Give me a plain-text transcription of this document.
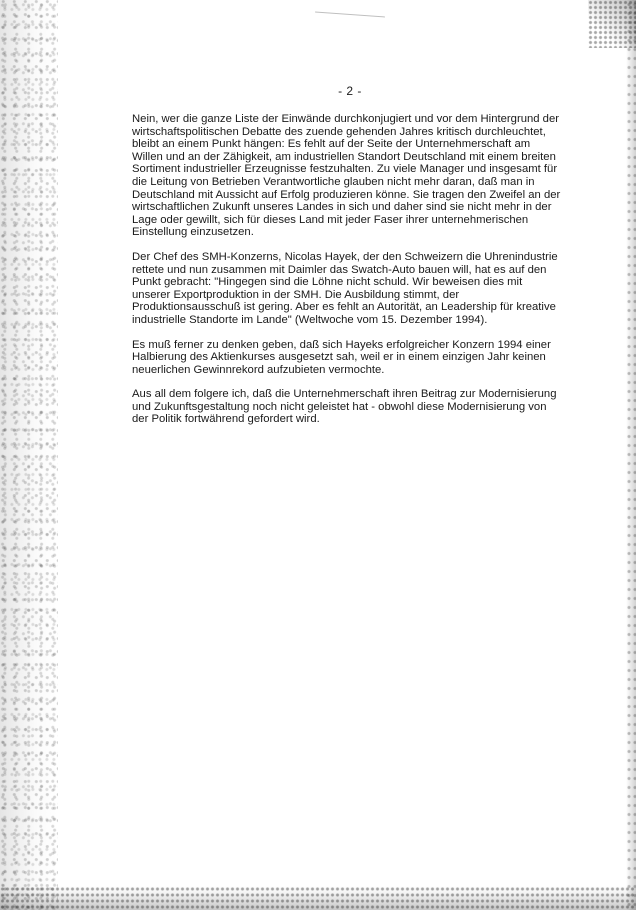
- 2 -

Nein, wer die ganze Liste der Einwände durchkonjugiert und vor dem Hintergrund der
wirtschaftspolitischen Debatte des zuende gehenden Jahres kritisch durchleuchtet,
bleibt an einem Punkt hängen: Es fehlt auf der Seite der Unternehmerschaft am
Willen und an der Zähigkeit, am industriellen Standort Deutschland mit einem breiten
Sortiment industrieller Erzeugnisse festzuhalten. Zu viele Manager und insgesamt für
die Leitung von Betrieben Verantwortliche glauben nicht mehr daran, daß man in
Deutschland mit Aussicht auf Erfolg produzieren könne. Sie tragen den Zweifel an der
wirtschaftlichen Zukunft unseres Landes in sich und daher sind sie nicht mehr in der
Lage oder gewillt, sich für dieses Land mit jeder Faser ihrer unternehmerischen
Einstellung einzusetzen.

Der Chef des SMH-Konzerns, Nicolas Hayek, der den Schweizern die Uhrenindustrie
rettete und nun zusammen mit Daimler das Swatch-Auto bauen will, hat es auf den
Punkt gebracht: "Hingegen sind die Löhne nicht schuld. Wir beweisen dies mit
unserer Exportproduktion in der SMH. Die Ausbildung stimmt, der
Produktionsausschuß ist gering. Aber es fehlt an Autorität, an Leadership für kreative
industrielle Standorte im Lande" (Weltwoche vom 15. Dezember 1994).

Es muß ferner zu denken geben, daß sich Hayeks erfolgreicher Konzern 1994 einer
Halbierung des Aktienkurses ausgesetzt sah, weil er in einem einzigen Jahr keinen
neuerlichen Gewinnrekord aufzubieten vermochte.

Aus all dem folgere ich, daß die Unternehmerschaft ihren Beitrag zur Modernisierung
und Zukunftsgestaltung noch nicht geleistet hat - obwohl diese Modernisierung von
der Politik fortwährend gefordert wird.
